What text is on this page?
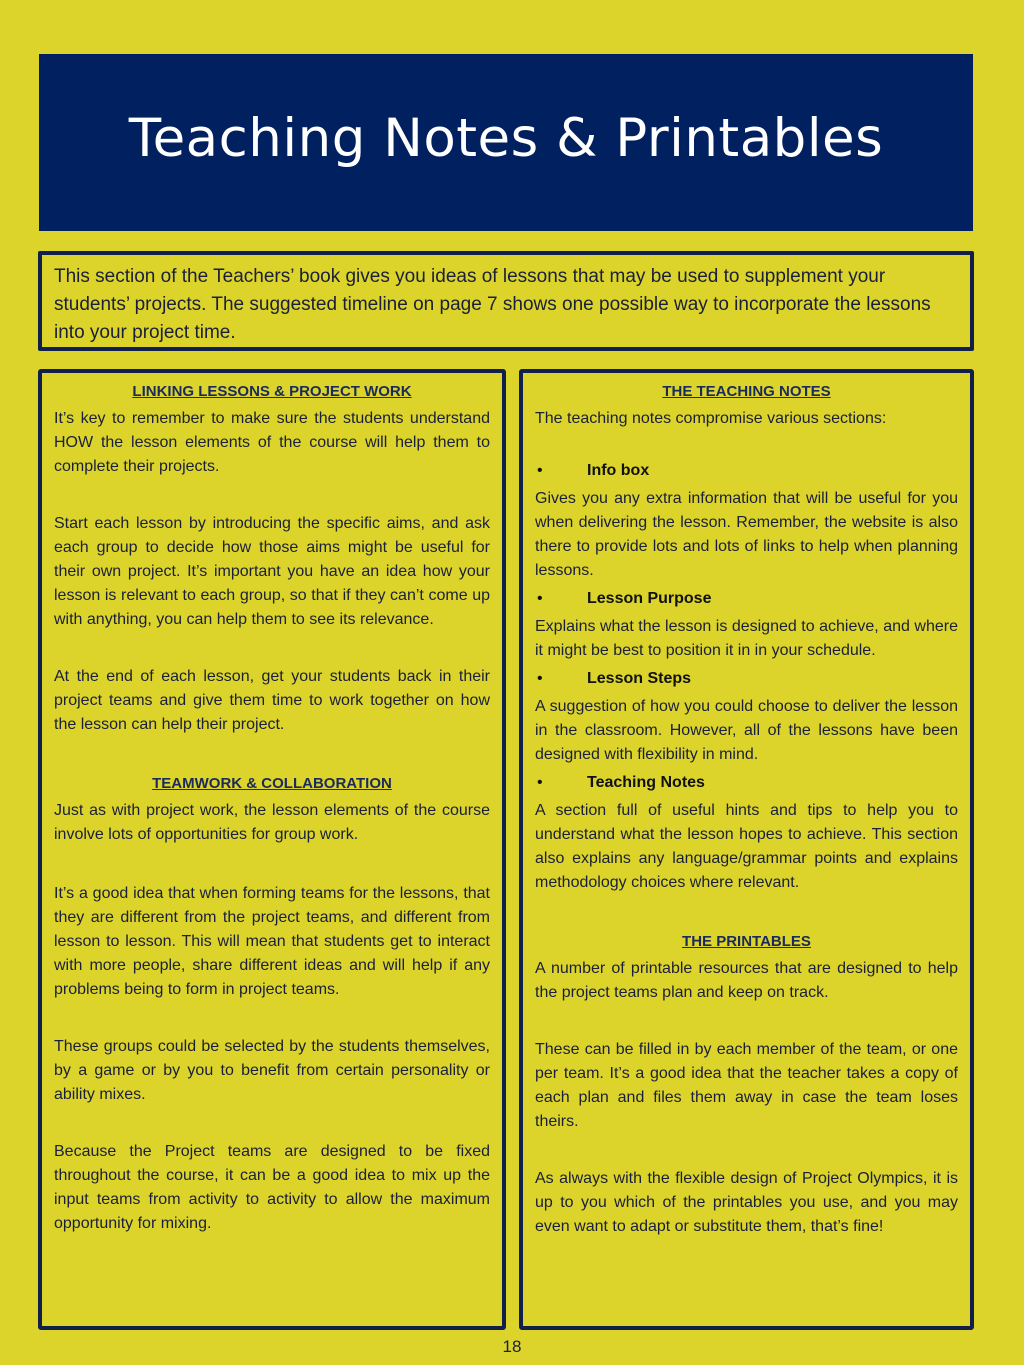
Teaching Notes & Printables
This section of the Teachers’ book gives you ideas of lessons that may be used to supplement your students’ projects. The suggested timeline on page 7 shows one possible way to incorporate the lessons into your project time.
LINKING LESSONS & PROJECT WORK

It’s key to remember to make sure the students understand HOW the lesson elements of the course will help them to complete their projects.

Start each lesson by introducing the specific aims, and ask each group to decide how those aims might be useful for their own project. It’s important you have an idea how your lesson is relevant to each group, so that if they can’t come up with anything, you can help them to see its relevance.

At the end of each lesson, get your students back in their project teams and give them time to work together on how the lesson can help their project.

TEAMWORK & COLLABORATION

Just as with project work, the lesson elements of the course involve lots of opportunities for group work.

It’s a good idea that when forming teams for the lessons, that they are different from the project teams, and different from lesson to lesson. This will mean that students get to interact with more people, share different ideas and will help if any problems being to form in project teams.

These groups could be selected by the students themselves, by a game or by you to benefit from certain personality or ability mixes.

Because the Project teams are designed to be fixed throughout the course, it can be a good idea to mix up the input teams from activity to activity to allow the maximum opportunity for mixing.

THE TEACHING NOTES

The teaching notes compromise various sections:

•	Info box

Gives you any extra information that will be useful for you when delivering the lesson. Remember, the website is also there to provide lots and lots of links to help when planning lessons.

•	Lesson Purpose

Explains what the lesson is designed to achieve, and where it might be best to position it in in your schedule.

•	Lesson Steps

A suggestion of how you could choose to deliver the lesson in the classroom. However, all of the lessons have been designed with flexibility in mind.

•	Teaching Notes

A section full of useful hints and tips to help you to understand what the lesson hopes to achieve. This section also explains any language/grammar points and explains methodology choices where relevant.

THE PRINTABLES

A number of printable resources that are designed to help the project teams plan and keep on track.

These can be filled in by each member of the team, or one per team. It’s a good idea that the teacher takes a copy of each plan and files them away in case the team loses theirs.

As always with the flexible design of Project Olympics, it is up to you which of the printables you use, and you may even want to adapt or substitute them, that’s fine!

18
